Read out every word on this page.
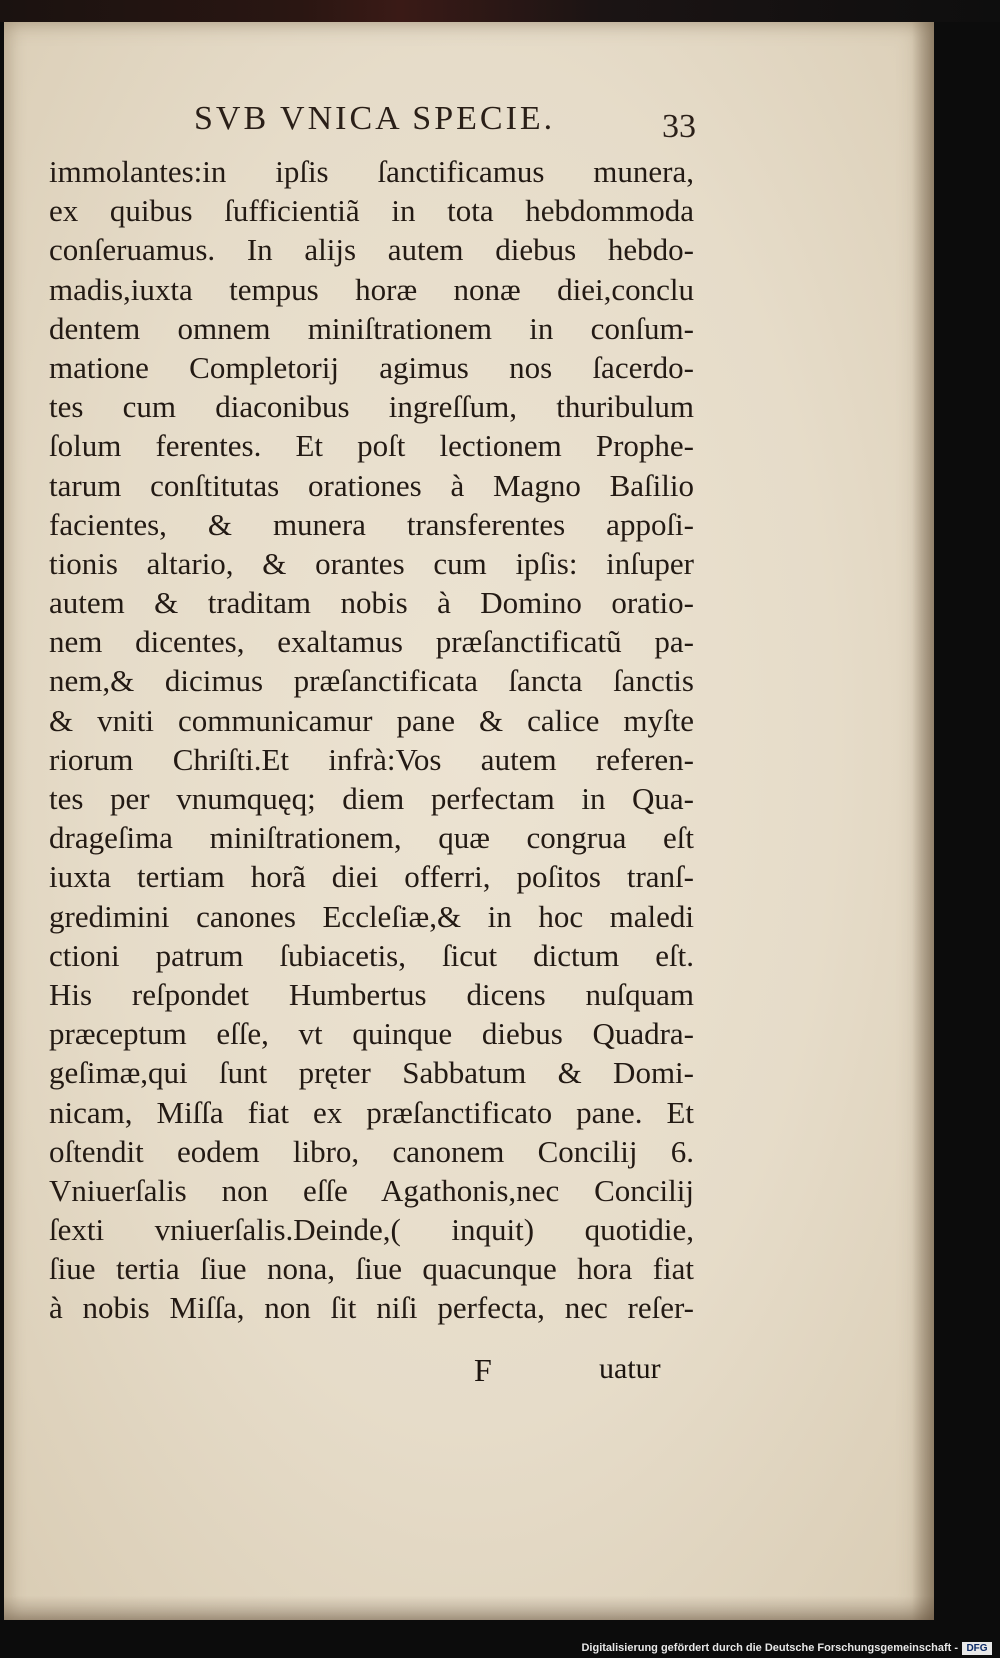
SVB VNICA SPECIE.	33
immolantes:in ipſis ſanctificamus munera,
ex quibus ſufficientiã in tota hebdommoda
conſeruamus. In alijs autem diebus hebdo-
madis,iuxta tempus horæ nonæ diei,conclu
dentem omnem miniſtrationem in conſum-
matione Completorij agimus nos ſacerdo-
tes cum diaconibus ingreſſum, thuribulum
ſolum ferentes. Et poſt lectionem Prophe-
tarum conſtitutas orationes à Magno Baſilio
facientes, & munera transferentes appoſi-
tionis altario, & orantes cum ipſis: inſuper
autem & traditam nobis à Domino oratio-
nem dicentes, exaltamus præſanctificatũ pa-
nem,& dicimus præſanctificata ſancta ſanctis
& vniti communicamur pane & calice myſte
riorum Chriſti.Et infrà:Vos autem referen-
tes per vnumquęq; diem perfectam in Qua-
drageſima miniſtrationem, quæ congrua eſt
iuxta tertiam horã diei offerri, poſitos tranſ-
gredimini canones Eccleſiæ,& in hoc maledi
ctioni patrum ſubiacetis, ſicut dictum eſt.
His reſpondet Humbertus dicens nuſquam
præceptum eſſe, vt quinque diebus Quadra-
geſimæ,qui ſunt pręter Sabbatum & Domi-
nicam, Miſſa fiat ex præſanctificato pane. Et
oſtendit eodem libro, canonem Concilij 6.
Vniuerſalis non eſſe Agathonis,nec Concilij
ſexti vniuerſalis.Deinde,( inquit) quotidie,
ſiue tertia ſiue nona, ſiue quacunque hora fiat
à nobis Miſſa, non ſit niſi perfecta, nec reſer-
F	uatur
Digitalisierung gefördert durch die Deutsche Forschungsgemeinschaft - DFG
